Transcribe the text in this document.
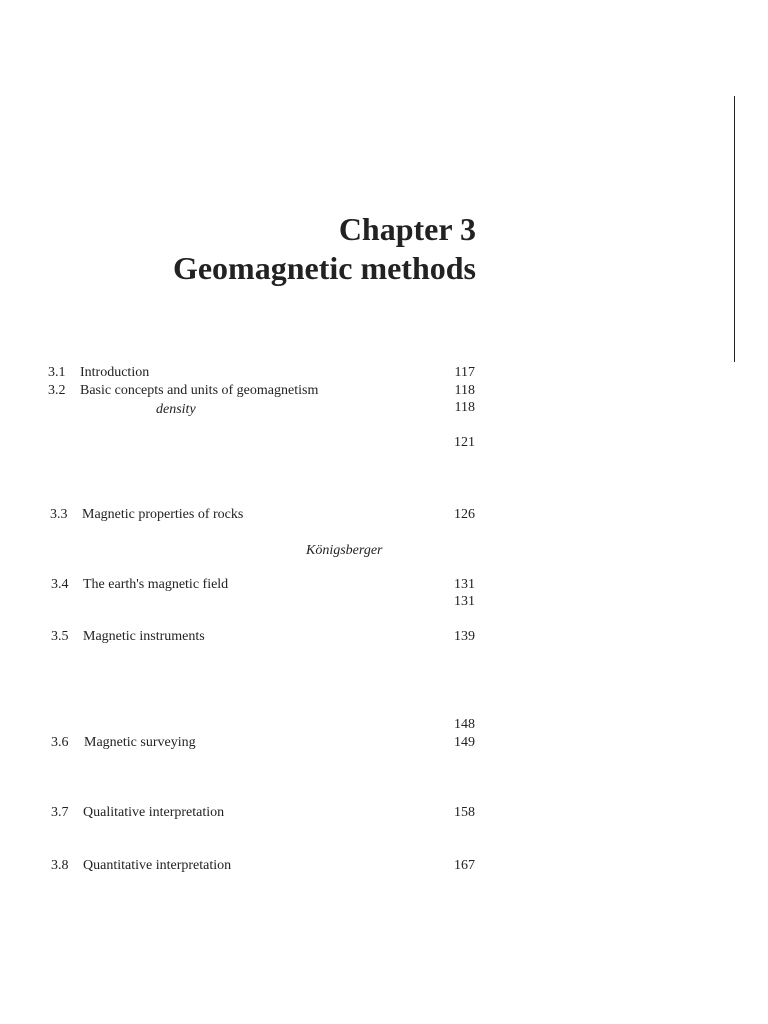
Chapter 3
Geomagnetic methods
3.1 Introduction	117
3.2 Basic concepts and units of geomagnetism	118
density	118
121
3.3 Magnetic properties of rocks	126
Königsberger
3.4 The earth's magnetic field	131
131
3.5 Magnetic instruments	139
148
3.6 Magnetic surveying	149
3.7 Qualitative interpretation	158
3.8 Quantitative interpretation	167
